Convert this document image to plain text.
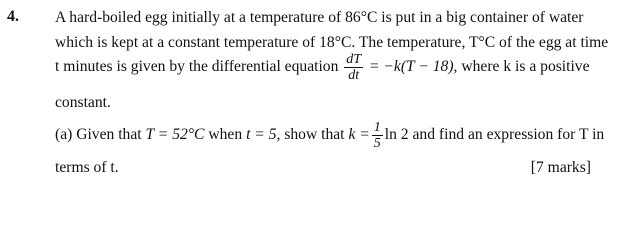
4. A hard-boiled egg initially at a temperature of 86°C is put in a big container of water
which is kept at a constant temperature of 18°C. The temperature, T°C of the egg at time
t minutes is given by the differential equation $\frac{dT}{dt} = -k(T - 18)$, where k is a positive
constant.
(a) Given that T = 52°C when t = 5, show that $k = \frac{1}{5}$ ln 2 and find an expression for T in
terms of t.	[7 marks]
